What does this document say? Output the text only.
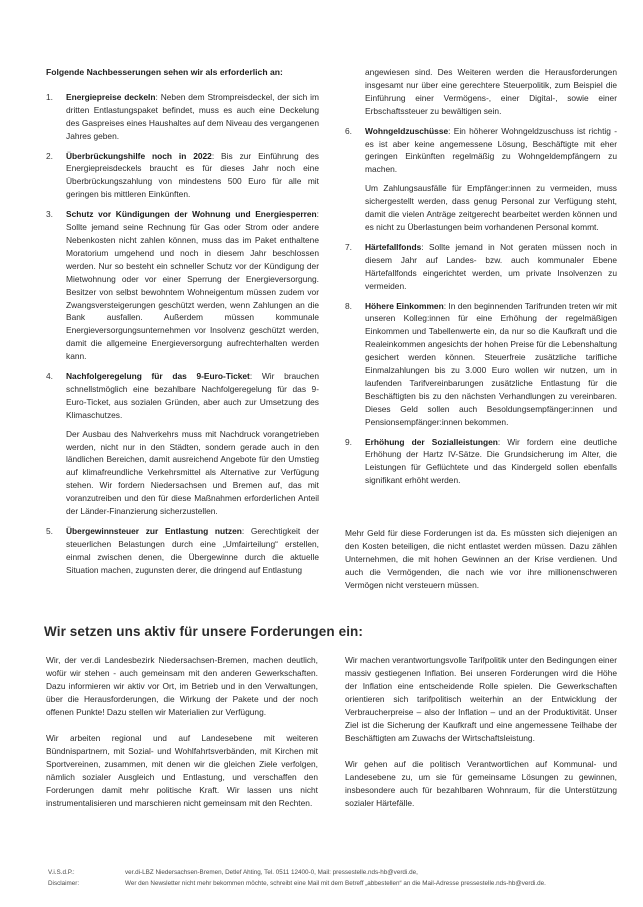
Folgende Nachbesserungen sehen wir als erforderlich an:

1.	Energiepreise deckeln: Neben dem Strompreisdeckel, der sich im dritten Entlastungspaket befindet, muss es auch eine Deckelung des Gaspreises eines Haushaltes auf dem Niveau des vergangenen Jahres geben.
2.	Überbrückungshilfe noch in 2022: Bis zur Einführung des Energiepreisdeckels braucht es für dieses Jahr noch eine Überbrückungszahlung von mindestens 500 Euro für alle mit geringen bis mittleren Einkünften.
3.	Schutz vor Kündigungen der Wohnung und Energiesperren: Sollte jemand seine Rechnung für Gas oder Strom oder andere Nebenkosten nicht zahlen können, muss das im Paket enthaltene Moratorium umgehend und noch in diesem Jahr beschlossen werden. Nur so besteht ein schneller Schutz vor der Kündigung der Mietwohnung oder vor einer Sperrung der Energieversorgung. Besitzer von selbst bewohntem Wohneigentum müssen zudem vor Zwangsversteigerungen geschützt werden, wenn Zahlungen an die Bank ausfallen. Außerdem müssen kommunale Energieversorgungsunternehmen vor Insolvenz geschützt werden, damit die allgemeine Energieversorgung aufrechterhalten werden kann.
4.	Nachfolgeregelung für das 9-Euro-Ticket: Wir brauchen schnellstmöglich eine bezahlbare Nachfolgeregelung für das 9-Euro-Ticket, aus sozialen Gründen, aber auch zur Umsetzung des Klimaschutzes.

Der Ausbau des Nahverkehrs muss mit Nachdruck vorangetrieben werden, nicht nur in den Städten, sondern gerade auch in den ländlichen Bereichen, damit ausreichend Angebote für den Umstieg auf klimafreundliche Verkehrsmittel als Alternative zur Verfügung stehen. Wir fordern Niedersachsen und Bremen auf, das mit voranzutreiben und den für diese Maßnahmen erforderlichen Anteil der Länder-Finanzierung sicherzustellen.

5.	Übergewinnsteuer zur Entlastung nutzen: Gerechtigkeit der steuerlichen Belastungen durch eine „Umfairteilung“ erstellen, einmal zwischen denen, die Übergewinne durch die aktuelle Situation machen, zugunsten derer, die dringend auf Entlastung
angewiesen sind. Des Weiteren werden die Herausforderungen insgesamt nur über eine gerechtere Steuerpolitik, zum Beispiel die Einführung einer Vermögens-, einer Digital-, sowie einer Erbschaftssteuer zu bewältigen sein.
6.	Wohngeldzuschüsse: Ein höherer Wohngeldzuschuss ist richtig - es ist aber keine angemessene Lösung, Beschäftigte mit eher geringen Einkünften regelmäßig zu Wohngeldempfängern zu machen.

Um Zahlungsausfälle für Empfänger:innen zu vermeiden, muss sichergestellt werden, dass genug Personal zur Verfügung steht, damit die vielen Anträge zeitgerecht bearbeitet werden können und es nicht zu Überlastungen beim vorhandenen Personal kommt.

7.	Härtefallfonds: Sollte jemand in Not geraten müssen noch in diesem Jahr auf Landes- bzw. auch kommunaler Ebene Härtefallfonds eingerichtet werden, um private Insolvenzen zu vermeiden.
8.	Höhere Einkommen: In den beginnenden Tarifrunden treten wir mit unseren Kolleg:innen für eine Erhöhung der regelmäßigen Einkommen und Tabellenwerte ein, da nur so die Kaufkraft und die Realeinkommen angesichts der hohen Preise für die Lebenshaltung gesichert werden können. Steuerfreie zusätzliche tarifliche Einmalzahlungen bis zu 3.000 Euro wollen wir nutzen, um in laufenden Tarifvereinbarungen zusätzliche Entlastung für die Beschäftigten bis zu den nächsten Verhandlungen zu vereinbaren. Dieses Geld sollen auch Besoldungsempfänger:innen und Pensionsempfänger:innen bekommen.
9.	Erhöhung der Sozialleistungen: Wir fordern eine deutliche Erhöhung der Hartz IV-Sätze. Die Grundsicherung im Alter, die Leistungen für Geflüchtete und das Kindergeld sollen ebenfalls signifikant erhöht werden.

Mehr Geld für diese Forderungen ist da. Es müssten sich diejenigen an den Kosten beteiligen, die nicht entlastet werden müssen. Dazu zählen Unternehmen, die mit hohen Gewinnen an der Krise verdienen. Und auch die Vermögenden, die nach wie vor ihre millionenschweren Vermögen nicht versteuern müssen.

Wir setzen uns aktiv für unsere Forderungen ein:

Wir, der ver.di Landesbezirk Niedersachsen-Bremen, machen deutlich, wofür wir stehen - auch gemeinsam mit den anderen Gewerkschaften. Dazu informieren wir aktiv vor Ort, im Betrieb und in den Verwaltungen, über die Herausforderungen, die Wirkung der Pakete und der noch offenen Punkte! Dazu stellen wir Materialien zur Verfügung.

Wir arbeiten regional und auf Landesebene mit weiteren Bündnispartnern, mit Sozial- und Wohlfahrtsverbänden, mit Kirchen mit Sportvereinen, zusammen, mit denen wir die gleichen Ziele verfolgen, nämlich sozialer Ausgleich und Entlastung, und verschaffen den Forderungen damit mehr politische Kraft. Wir lassen uns nicht instrumentalisieren und marschieren nicht gemeinsam mit den Rechten.

Wir machen verantwortungsvolle Tarifpolitik unter den Bedingungen einer massiv gestiegenen Inflation. Bei unseren Forderungen wird die Höhe der Inflation eine entscheidende Rolle spielen. Die Gewerkschaften orientieren sich tarifpolitisch weiterhin an der Entwicklung der Verbraucherpreise – also der Inflation – und an der Produktivität. Unser Ziel ist die Sicherung der Kaufkraft und eine angemessene Teilhabe der Beschäftigten am Zuwachs der Wirtschaftsleistung.

Wir gehen auf die politisch Verantwortlichen auf Kommunal- und Landesebene zu, um sie für gemeinsame Lösungen zu gewinnen, insbesondere auch für bezahlbaren Wohnraum, für die Unterstützung sozialer Härtefälle.

V.i.S.d.P.:	ver.di-LBZ Niedersachsen-Bremen, Detlef Ahting, Tel. 0511 12400-0, Mail: pressestelle.nds-hb@verdi.de,
Disclaimer:	Wer den Newsletter nicht mehr bekommen möchte, schreibt eine Mail mit dem Betreff „abbestellen“ an die Mail-Adresse pressestelle.nds-hb@verdi.de.
